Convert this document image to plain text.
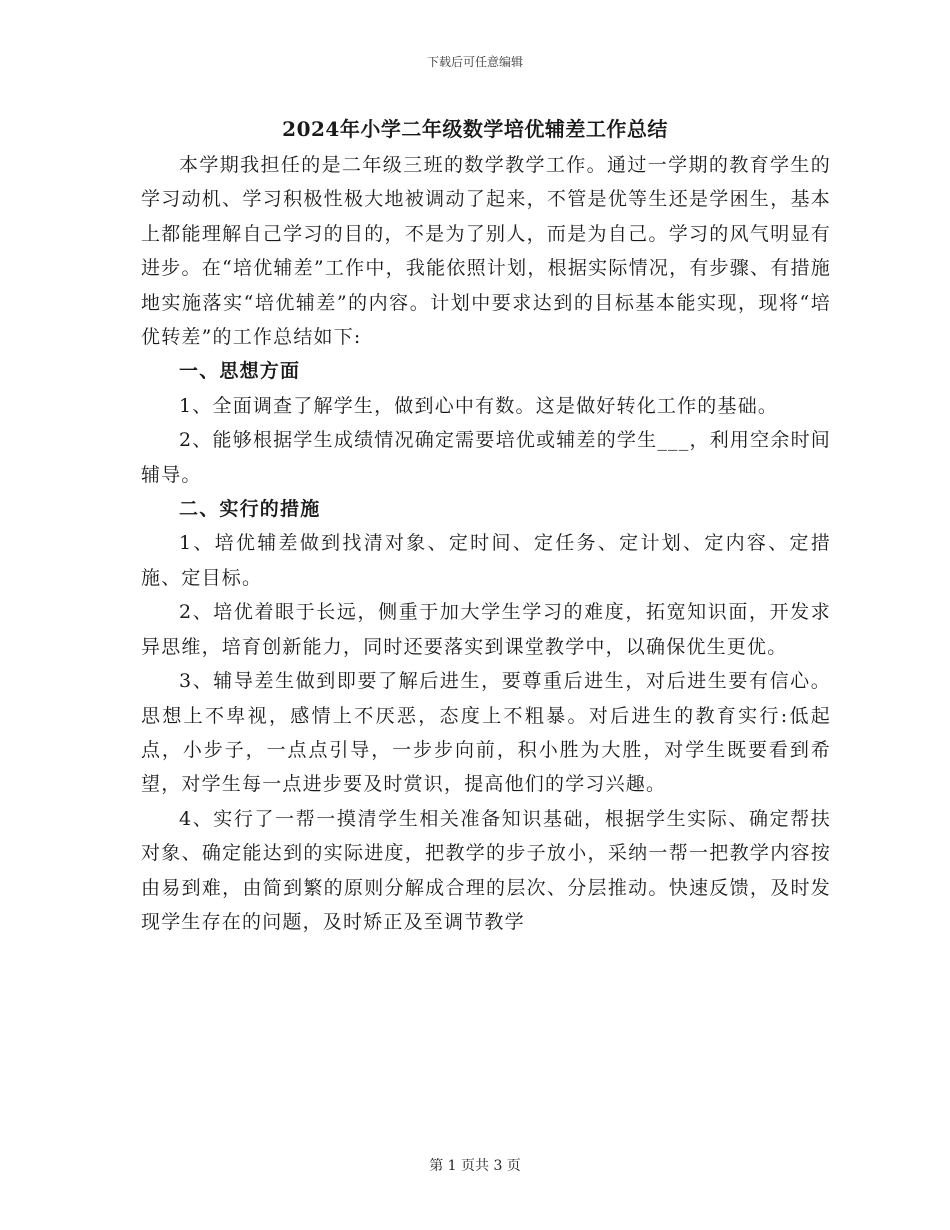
下载后可任意编辑
2024年小学二年级数学培优辅差工作总结

本学期我担任的是二年级三班的数学教学工作。通过一学期的教育学生的学习动机、学习积极性极大地被调动了起来，不管是优等生还是学困生，基本上都能理解自己学习的目的，不是为了别人，而是为自己。学习的风气明显有进步。在“培优辅差”工作中，我能依照计划，根据实际情况，有步骤、有措施地实施落实“培优辅差”的内容。计划中要求达到的目标基本能实现，现将“培优转差”的工作总结如下:

一、思想方面

1、全面调查了解学生，做到心中有数。这是做好转化工作的基础。

2、能够根据学生成绩情况确定需要培优或辅差的学生___，利用空余时间辅导。

二、实行的措施

1、培优辅差做到找清对象、定时间、定任务、定计划、定内容、定措施、定目标。

2、培优着眼于长远，侧重于加大学生学习的难度，拓宽知识面，开发求异思维，培育创新能力，同时还要落实到课堂教学中，以确保优生更优。

3、辅导差生做到即要了解后进生，要尊重后进生，对后进生要有信心。思想上不卑视，感情上不厌恶，态度上不粗暴。对后进生的教育实行:低起点，小步子，一点点引导，一步步向前，积小胜为大胜，对学生既要看到希望，对学生每一点进步要及时赏识，提高他们的学习兴趣。

4、实行了一帮一摸清学生相关准备知识基础，根据学生实际、确定帮扶对象、确定能达到的实际进度，把教学的步子放小，采纳一帮一把教学内容按由易到难，由简到繁的原则分解成合理的层次、分层推动。快速反馈，及时发现学生存在的问题，及时矫正及至调节教学

第 1 页共 3 页
